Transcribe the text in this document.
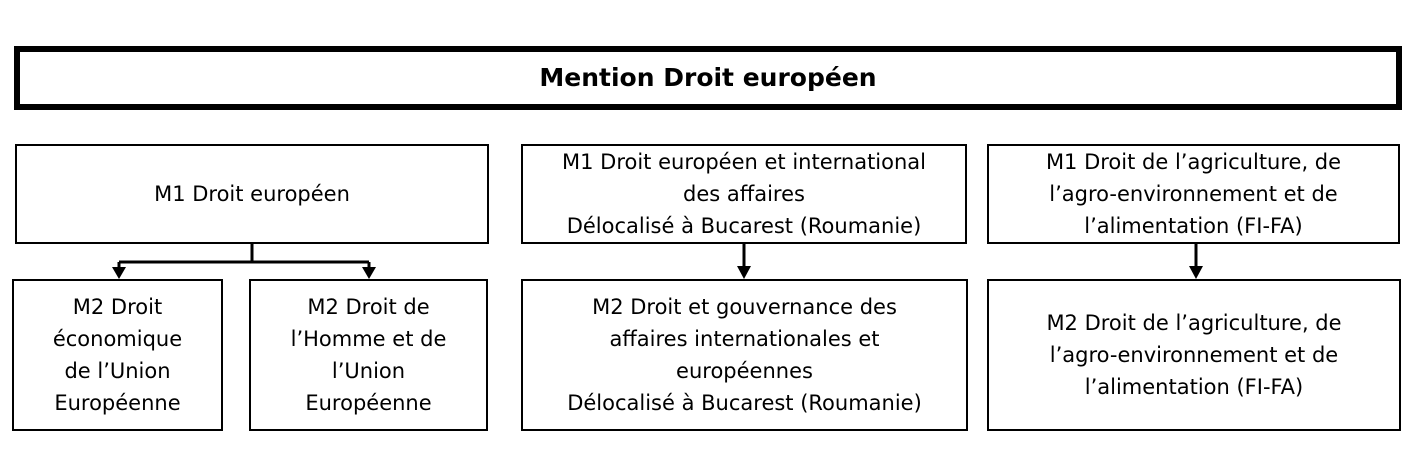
Mention Droit européen
M1 Droit européen
M1 Droit européen et international
des affaires
Délocalisé à Bucarest (Roumanie)
M1 Droit de l’agriculture, de
l’agro-environnement et de
l’alimentation (FI-FA)
M2 Droit
économique
de l’Union
Européenne
M2 Droit de
l’Homme et de
l’Union
Européenne
M2 Droit et gouvernance des
affaires internationales et
européennes
Délocalisé à Bucarest (Roumanie)
M2 Droit de l’agriculture, de
l’agro-environnement et de
l’alimentation (FI-FA)
